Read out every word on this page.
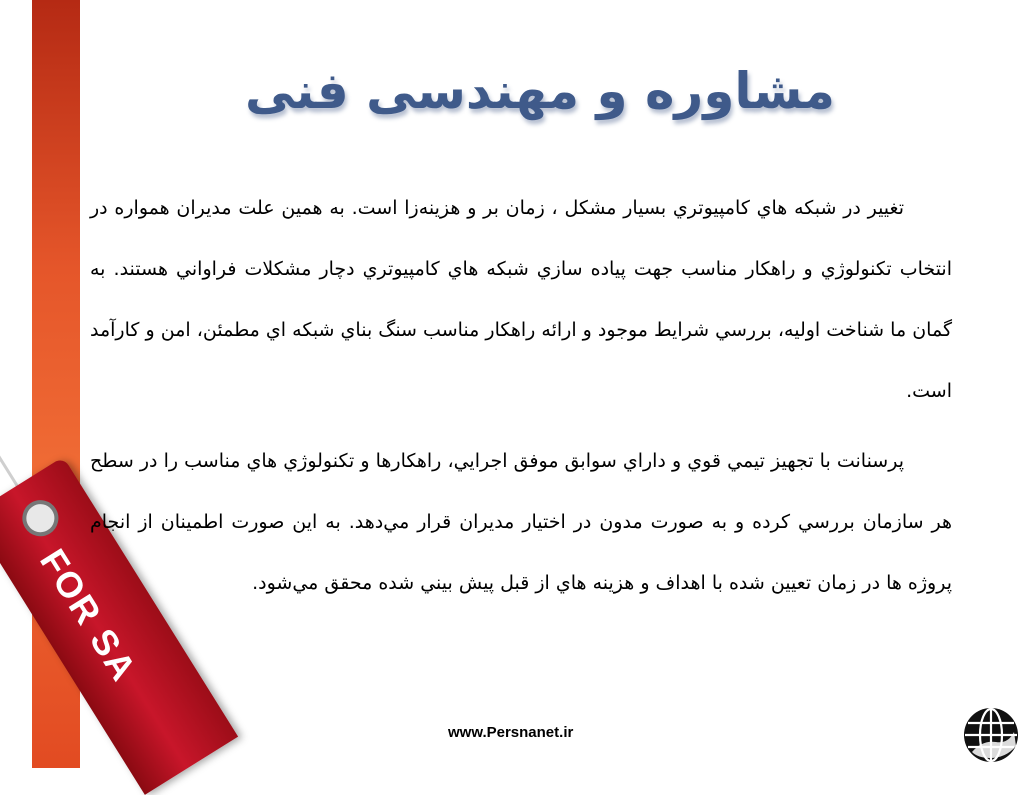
FOR SA
مشاوره و مهندسی فنی

تغيير در شبكه هاي كامپيوتري بسيار مشكل ، زمان بر و هزينه‌زا است. به همين علت مديران همواره در انتخاب تكنولوژي و راهكار مناسب جهت پياده سازي شبكه هاي كامپيوتري دچار مشكلات فراواني هستند. به گمان ما شناخت اوليه، بررسي شرايط موجود و ارائه راهكار مناسب سنگ بناي شبكه اي مطمئن، امن و كارآمد است.

پرسنانت با تجهيز تيمي قوي و داراي سوابق موفق اجرايي، راهكارها و تكنولوژي هاي مناسب را در سطح هر سازمان بررسي كرده و به صورت مدون در اختيار مديران قرار مي‌دهد. به اين صورت اطمينان از انجام پروژه ها در زمان تعيين شده با اهداف و هزينه هاي از قبل پيش بيني شده محقق مي‌شود.

www.Persnanet.ir
